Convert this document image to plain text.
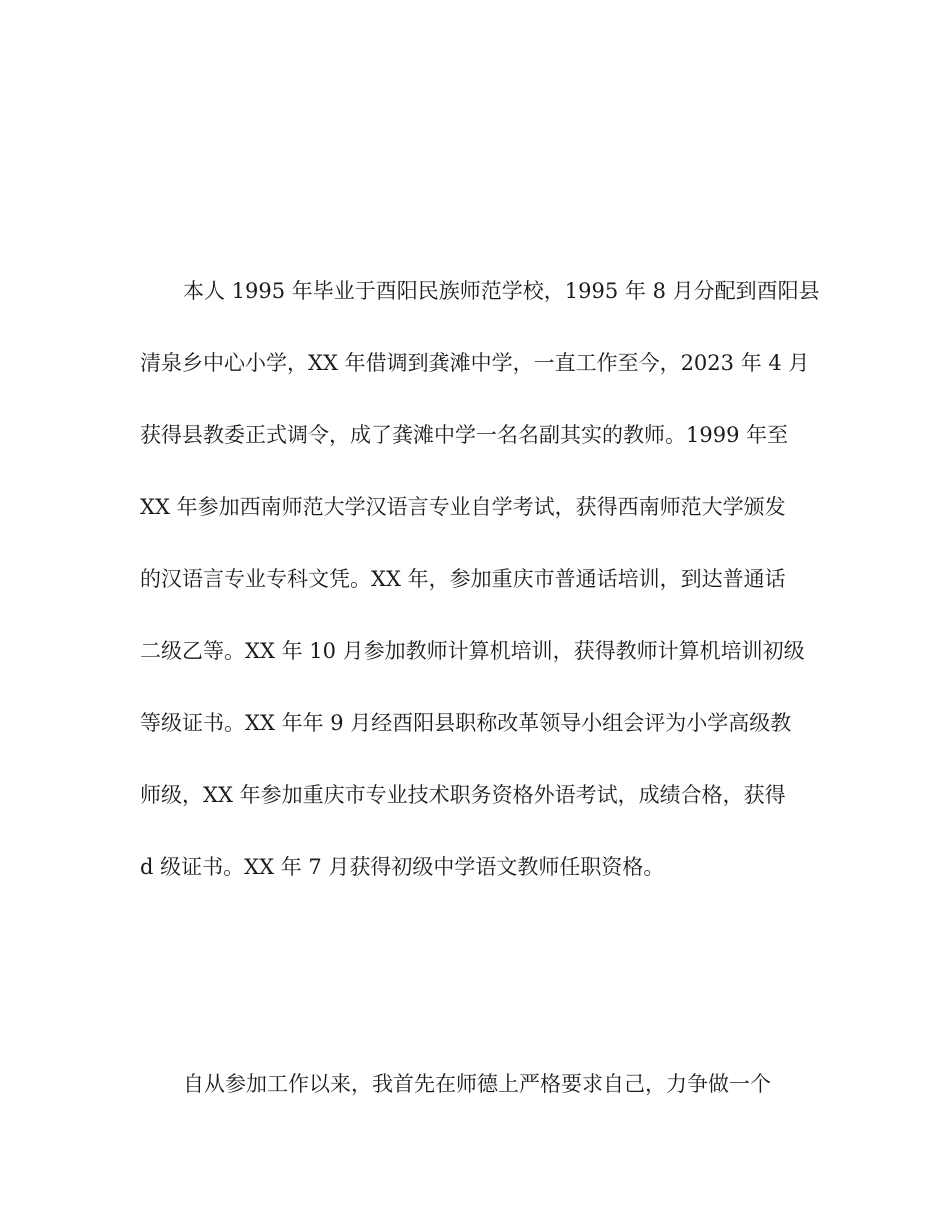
本人 1995 年毕业于酉阳民族师范学校，1995 年 8 月分配到酉阳县
清泉乡中心小学，XX 年借调到龚滩中学，一直工作至今，2023 年 4 月
获得县教委正式调令，成了龚滩中学一名名副其实的教师。1999 年至
XX 年参加西南师范大学汉语言专业自学考试，获得西南师范大学颁发
的汉语言专业专科文凭。XX 年，参加重庆市普通话培训，到达普通话
二级乙等。XX 年 10 月参加教师计算机培训，获得教师计算机培训初级
等级证书。XX 年年 9 月经酉阳县职称改革领导小组会评为小学高级教
师级，XX 年参加重庆市专业技术职务资格外语考试，成绩合格，获得
d 级证书。XX 年 7 月获得初级中学语文教师任职资格。
自从参加工作以来，我首先在师德上严格要求自己，力争做一个
